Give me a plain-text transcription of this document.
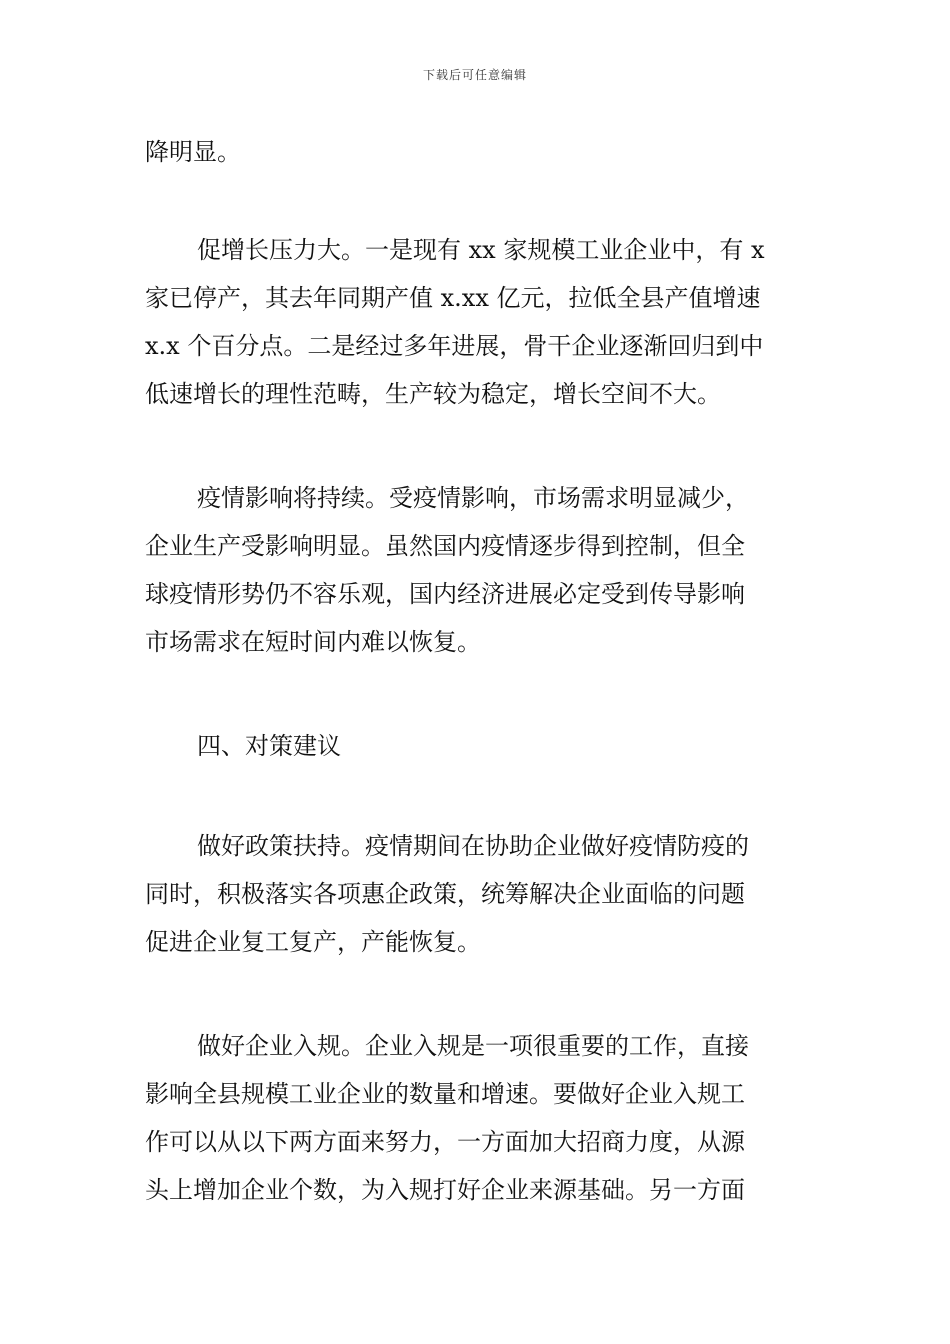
下载后可任意编辑
降明显。
促增长压力大。一是现有 xx 家规模工业企业中，有 x
家已停产，其去年同期产值 x.xx 亿元，拉低全县产值增速
x.x 个百分点。二是经过多年进展，骨干企业逐渐回归到中
低速增长的理性范畴，生产较为稳定，增长空间不大。
疫情影响将持续。受疫情影响，市场需求明显减少，
企业生产受影响明显。虽然国内疫情逐步得到控制，但全
球疫情形势仍不容乐观，国内经济进展必定受到传导影响
市场需求在短时间内难以恢复。
四、对策建议
做好政策扶持。疫情期间在协助企业做好疫情防疫的
同时，积极落实各项惠企政策，统筹解决企业面临的问题
促进企业复工复产，产能恢复。
做好企业入规。企业入规是一项很重要的工作，直接
影响全县规模工业企业的数量和增速。要做好企业入规工
作可以从以下两方面来努力，一方面加大招商力度，从源
头上增加企业个数，为入规打好企业来源基础。另一方面
